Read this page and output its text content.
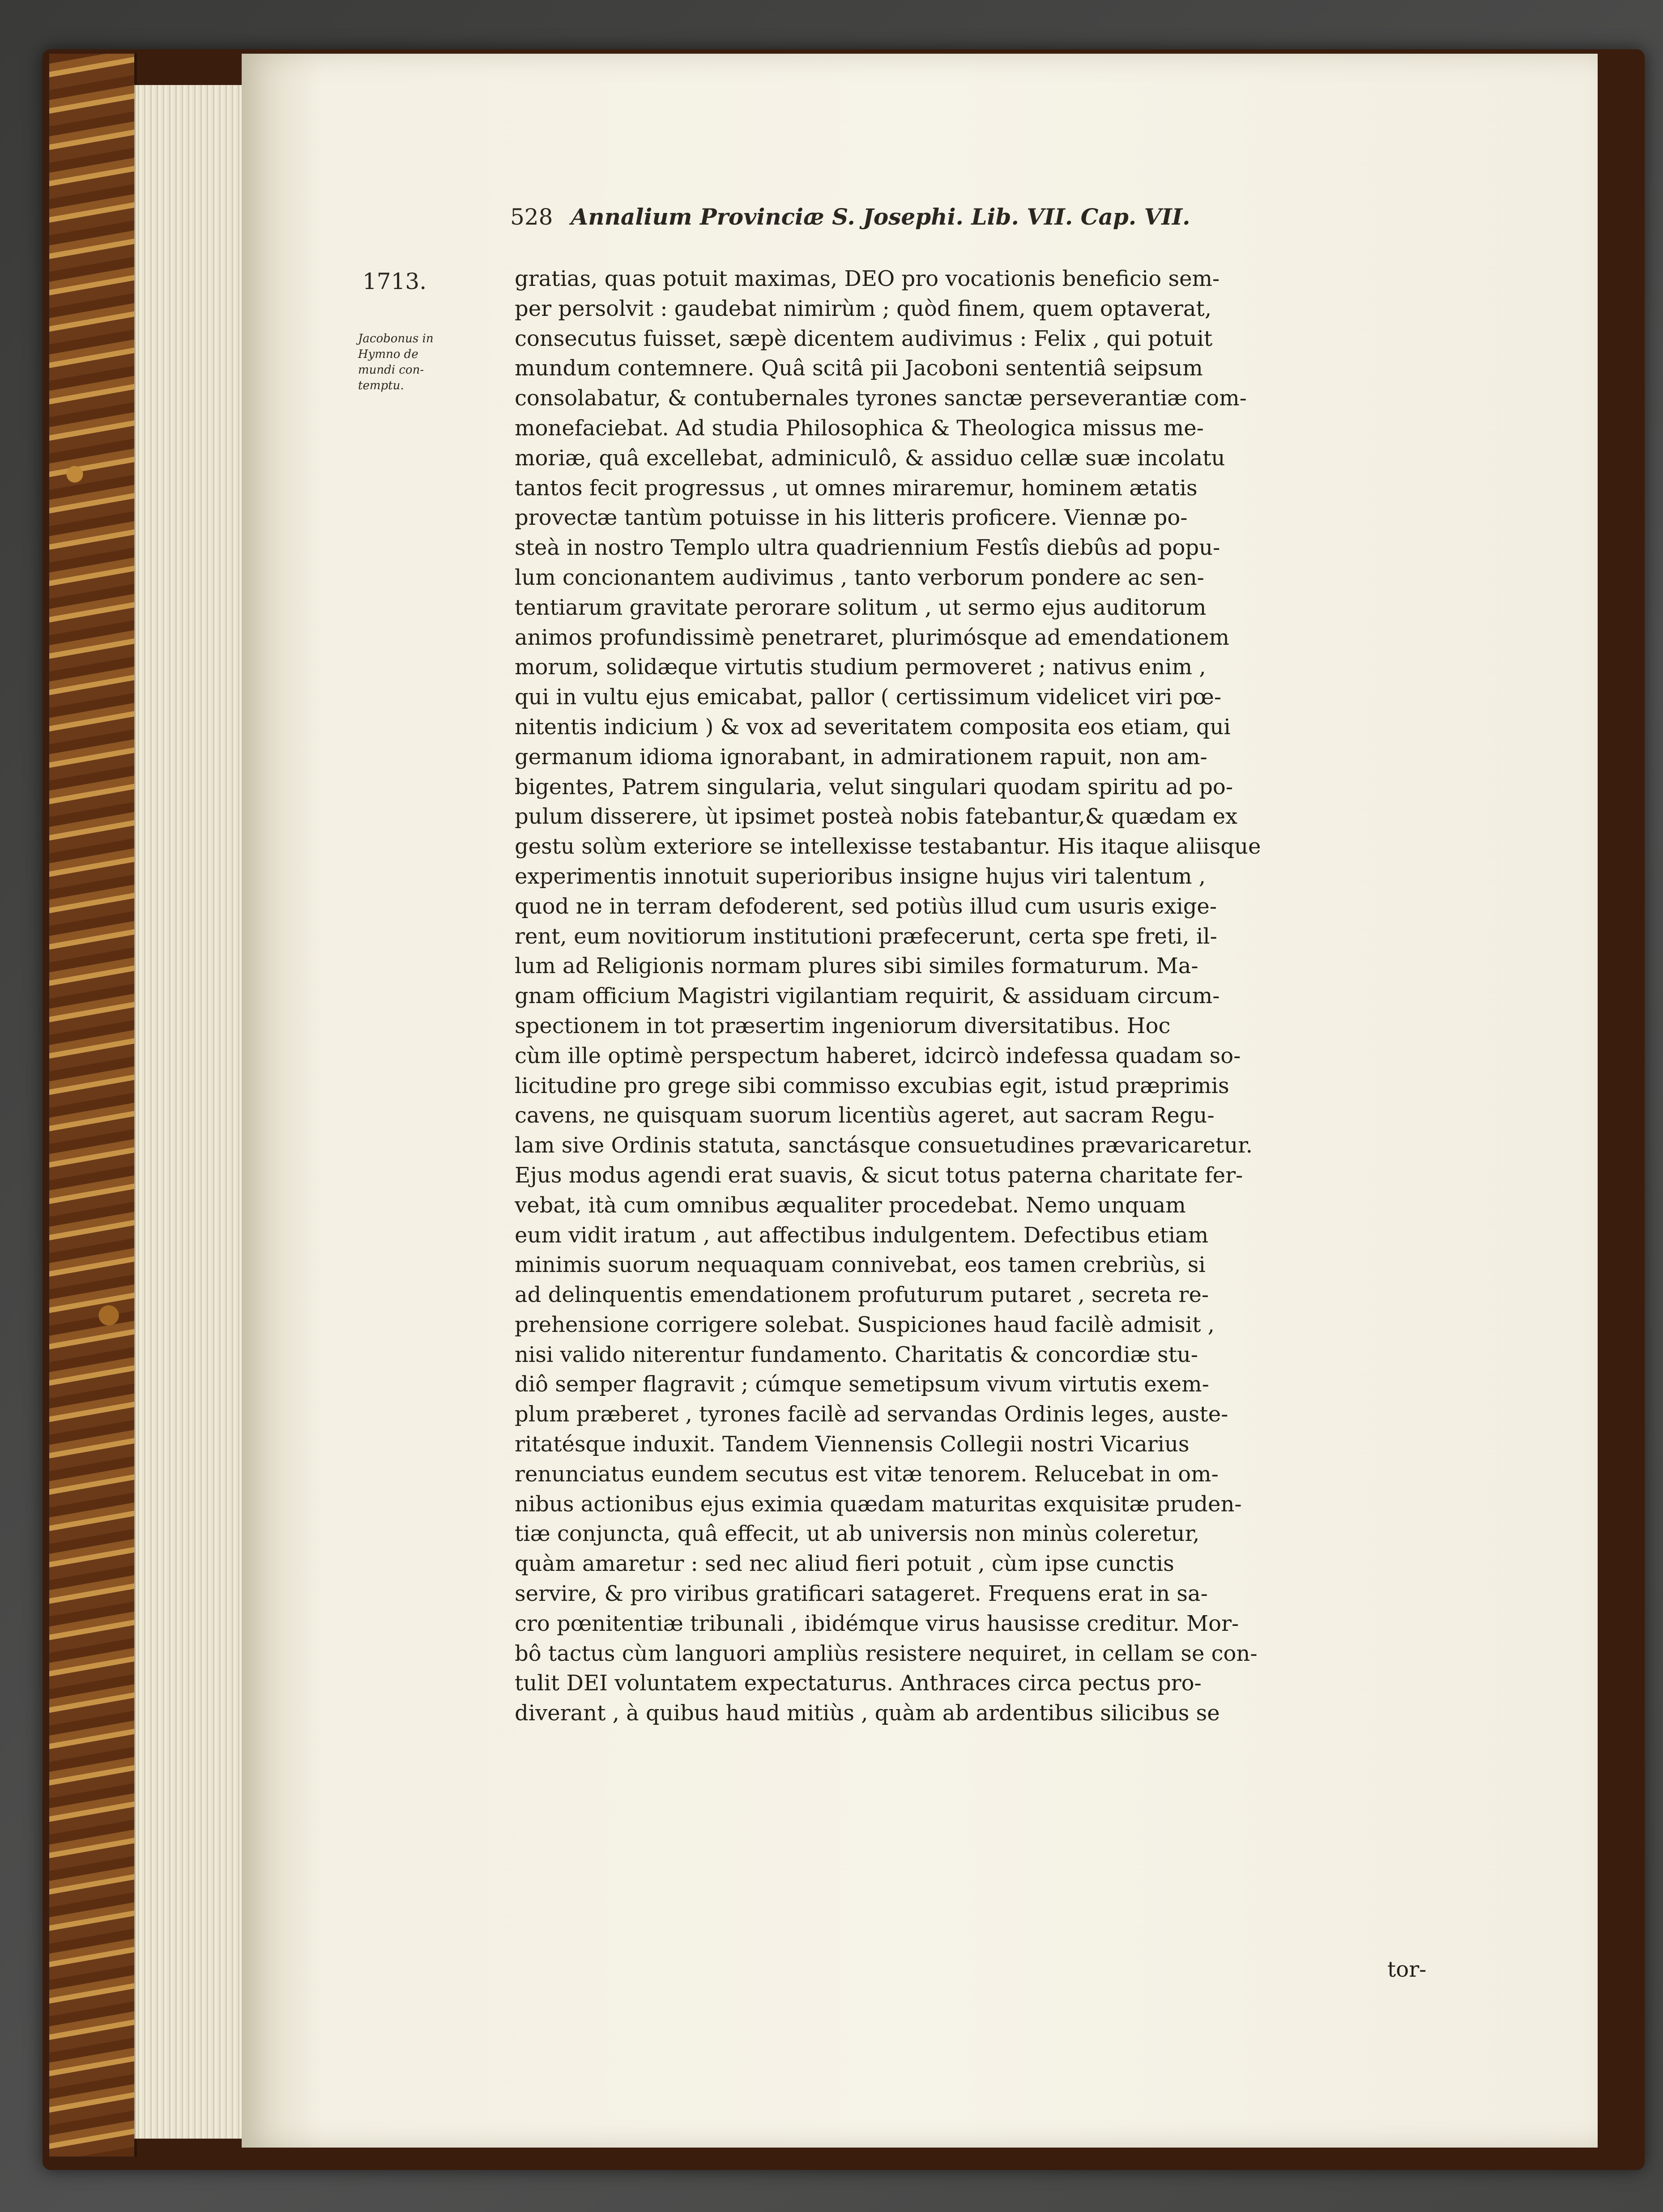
528 Annalium Provinciæ S. Josephi. Lib. VII. Cap. VII.
1713.
Jacobonus in
Hymno de
mundi con-
temptu.
gratias, quas potuit maximas, DEO pro vocationis beneficio sem-
per persolvit : gaudebat nimirùm ; quòd finem, quem optaverat,
consecutus fuisset, sæpè dicentem audivimus : Felix , qui potuit
mundum contemnere. Quâ scitâ pii Jacoboni sententiâ seipsum
consolabatur, & contubernales tyrones sanctæ perseverantiæ com-
monefaciebat. Ad studia Philosophica & Theologica missus me-
moriæ, quâ excellebat, adminiculô, & assiduo cellæ suæ incolatu
tantos fecit progressus , ut omnes miraremur, hominem ætatis
provectæ tantùm potuisse in his litteris proficere. Viennæ po-
steà in nostro Templo ultra quadriennium Festîs diebûs ad popu-
lum concionantem audivimus , tanto verborum pondere ac sen-
tentiarum gravitate perorare solitum , ut sermo ejus auditorum
animos profundissimè penetraret, plurimósque ad emendationem
morum, solidæque virtutis studium permoveret ; nativus enim ,
qui in vultu ejus emicabat, pallor ( certissimum videlicet viri pœ-
nitentis indicium ) & vox ad severitatem composita eos etiam, qui
germanum idioma ignorabant, in admirationem rapuit, non am-
bigentes, Patrem singularia, velut singulari quodam spiritu ad po-
pulum disserere, ùt ipsimet posteà nobis fatebantur,& quædam ex
gestu solùm exteriore se intellexisse testabantur. His itaque aliisque
experimentis innotuit superioribus insigne hujus viri talentum ,
quod ne in terram defoderent, sed potiùs illud cum usuris exige-
rent, eum novitiorum institutioni præfecerunt, certa spe freti, il-
lum ad Religionis normam plures sibi similes formaturum. Ma-
gnam officium Magistri vigilantiam requirit, & assiduam circum-
spectionem in tot præsertim ingeniorum diversitatibus. Hoc
cùm ille optimè perspectum haberet, idcircò indefessa quadam so-
licitudine pro grege sibi commisso excubias egit, istud præprimis
cavens, ne quisquam suorum licentiùs ageret, aut sacram Regu-
lam sive Ordinis statuta, sanctásque consuetudines prævaricaretur.
Ejus modus agendi erat suavis, & sicut totus paterna charitate fer-
vebat, ità cum omnibus æqualiter procedebat. Nemo unquam
eum vidit iratum , aut affectibus indulgentem. Defectibus etiam
minimis suorum nequaquam connivebat, eos tamen crebriùs, si
ad delinquentis emendationem profuturum putaret , secreta re-
prehensione corrigere solebat. Suspiciones haud facilè admisit ,
nisi valido niterentur fundamento. Charitatis & concordiæ stu-
diô semper flagravit ; cúmque semetipsum vivum virtutis exem-
plum præberet , tyrones facilè ad servandas Ordinis leges, auste-
ritatésque induxit. Tandem Viennensis Collegii nostri Vicarius
renunciatus eundem secutus est vitæ tenorem. Relucebat in om-
nibus actionibus ejus eximia quædam maturitas exquisitæ pruden-
tiæ conjuncta, quâ effecit, ut ab universis non minùs coleretur,
quàm amaretur : sed nec aliud fieri potuit , cùm ipse cunctis
servire, & pro viribus gratificari satageret. Frequens erat in sa-
cro pœnitentiæ tribunali , ibidémque virus hausisse creditur. Mor-
bô tactus cùm languori ampliùs resistere nequiret, in cellam se con-
tulit DEI voluntatem expectaturus. Anthraces circa pectus pro-
diverant , à quibus haud mitiùs , quàm ab ardentibus silicibus se
tor-
